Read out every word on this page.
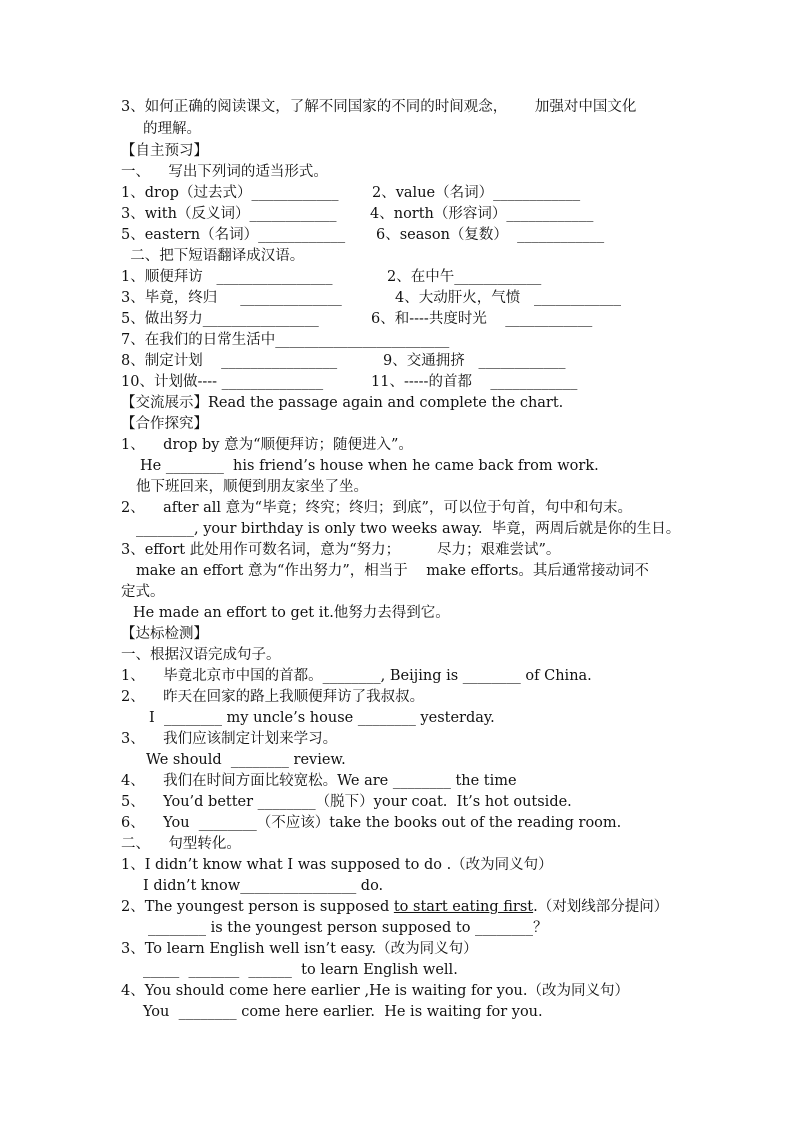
3、如何正确的阅读课文，了解不同国家的不同的时间观念，      加强对中国文化
的理解。
【自主预习】
一、    写出下列词的适当形式。
1、drop（过去式）____________ 2、value（名词）____________
3、with（反义词）____________ 4、north（形容词）____________
5、eastern（名词）____________ 6、season（复数）  ____________
二、把下短语翻译成汉语。
1、顺便拜访   ________________	2、在中午____________
3、毕竟，终归     ______________	4、大动肝火，气愤   ____________
5、做出努力________________	6、和----共度时光    ____________
7、在我们的日常生活中________________________
8、制定计划    ________________	9、交通拥挤   ____________
10、计划做---- ______________	11、-----的首都    ____________
【交流展示】Read the passage again and complete the chart.
【合作探究】
1、    drop by 意为“顺便拜访；随便进入”。
He ________  his friend’s house when he came back from work.
他下班回来，顺便到朋友家坐了坐。
2、    after all 意为“毕竟；终究；终归；到底”，可以位于句首，句中和句末。
________, your birthday is only two weeks away.  毕竟，两周后就是你的生日。
3、effort 此处用作可数名词，意为“努力；        尽力；艰难尝试”。
make an effort 意为“作出努力”，相当于    make efforts。其后通常接动词不
定式。
He made an effort to get it.他努力去得到它。
【达标检测】
一、根据汉语完成句子。
1、    毕竟北京市中国的首都。________, Beijing is ________ of China.
2、    昨天在回家的路上我顺便拜访了我叔叔。
I  ________ my uncle’s house ________ yesterday.
3、    我们应该制定计划来学习。
We should  ________ review.
4、    我们在时间方面比较宽松。We are ________ the time
5、    You’d better ________（脱下）your coat.  It’s hot outside.
6、    You  ________（不应该）take the books out of the reading room.
二、    句型转化。
1、I didn’t know what I was supposed to do .（改为同义句）
I didn’t know________________ do.
2、The youngest person is supposed to start eating first.（对划线部分提问）
________ is the youngest person supposed to ________？
3、To learn English well isn’t easy.（改为同义句）
_____  _______  ______  to learn English well.
4、You should come here earlier ,He is waiting for you.（改为同义句）
You  ________ come here earlier.  He is waiting for you.
